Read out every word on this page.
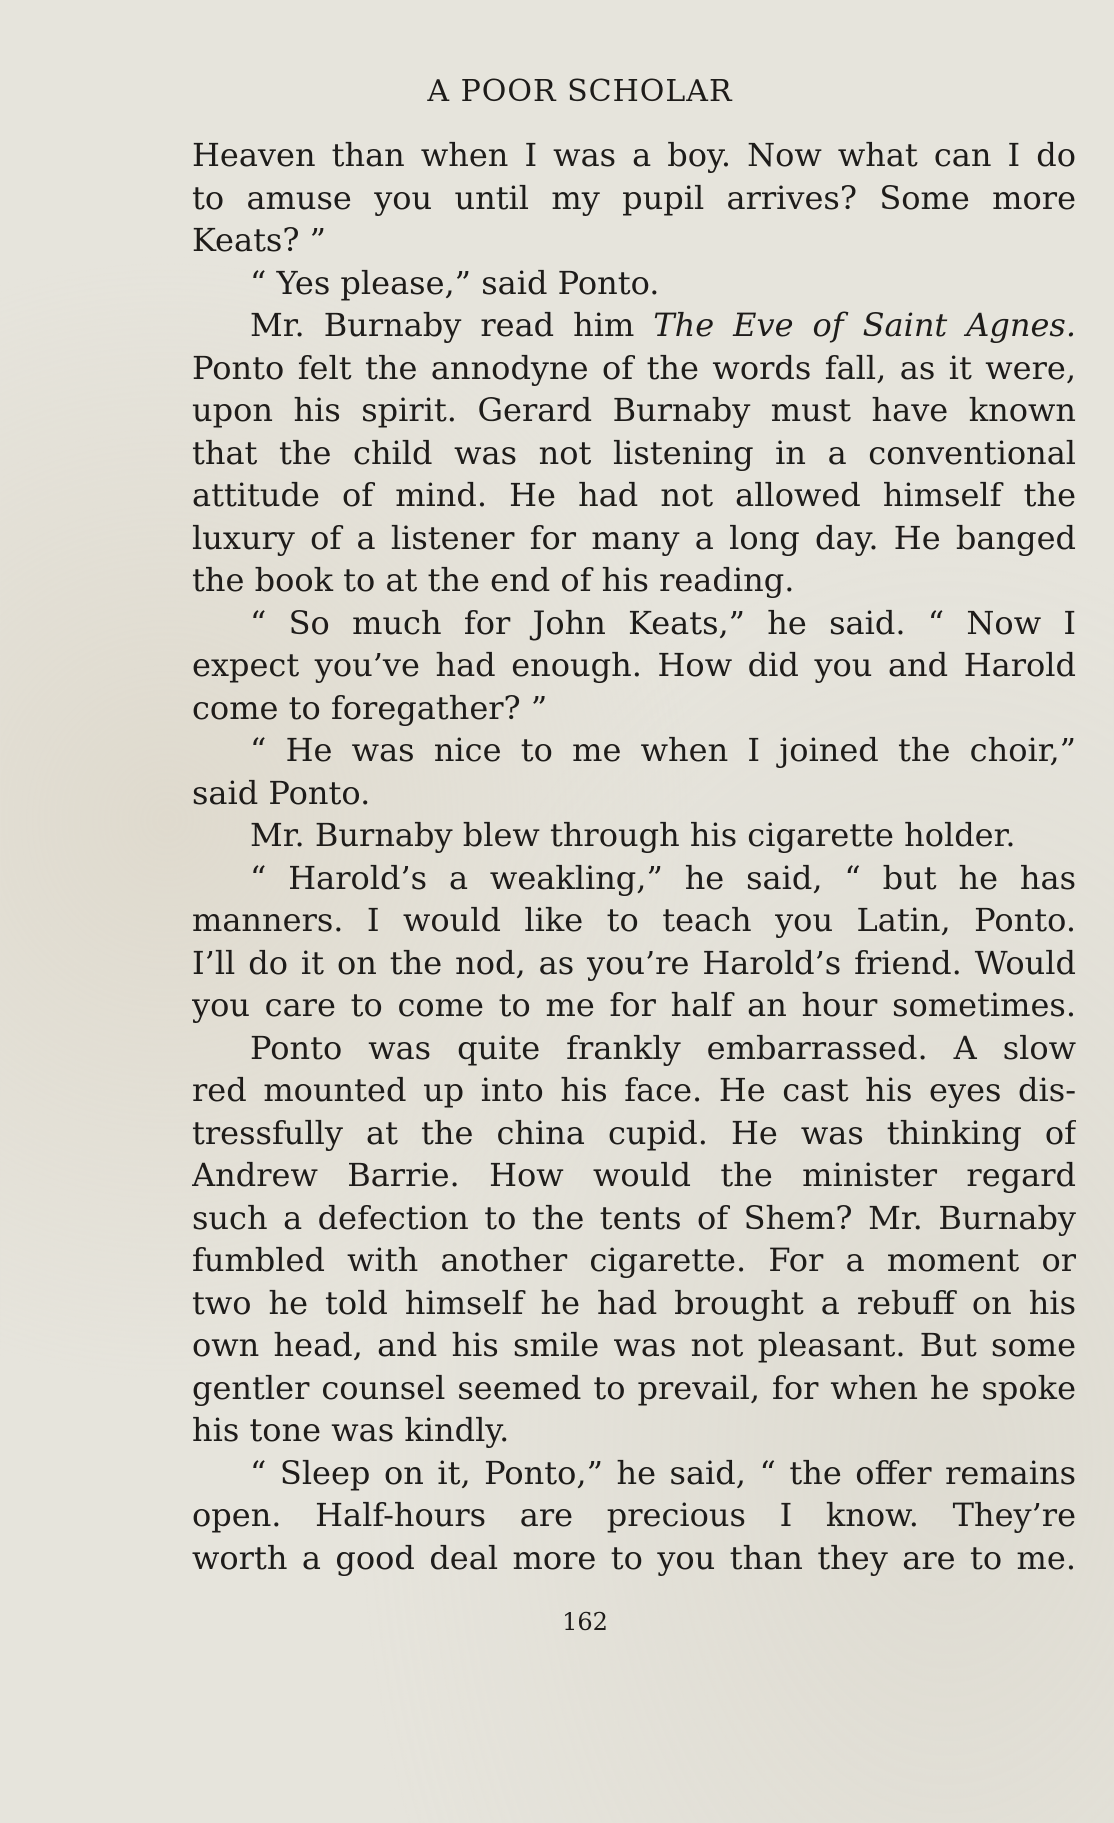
A POOR SCHOLAR
Heaven than when I was a boy. Now what can I do
to amuse you until my pupil arrives? Some more
Keats? ”
“ Yes please,” said Ponto.
Mr. Burnaby read him The Eve of Saint Agnes.
Ponto felt the annodyne of the words fall, as it were,
upon his spirit. Gerard Burnaby must have known
that the child was not listening in a conventional
attitude of mind. He had not allowed himself the
luxury of a listener for many a long day. He banged
the book to at the end of his reading.
“ So much for John Keats,” he said. “ Now I
expect you’ve had enough. How did you and Harold
come to foregather? ”
“ He was nice to me when I joined the choir,”
said Ponto.
Mr. Burnaby blew through his cigarette holder.
“ Harold’s a weakling,” he said, “ but he has
manners. I would like to teach you Latin, Ponto.
I’ll do it on the nod, as you’re Harold’s friend. Would
you care to come to me for half an hour sometimes.
Ponto was quite frankly embarrassed. A slow
red mounted up into his face. He cast his eyes dis-
tressfully at the china cupid. He was thinking of
Andrew Barrie. How would the minister regard
such a defection to the tents of Shem? Mr. Burnaby
fumbled with another cigarette. For a moment or
two he told himself he had brought a rebuff on his
own head, and his smile was not pleasant. But some
gentler counsel seemed to prevail, for when he spoke
his tone was kindly.
“ Sleep on it, Ponto,” he said, “ the offer remains
open. Half-hours are precious I know. They’re
worth a good deal more to you than they are to me.
162
